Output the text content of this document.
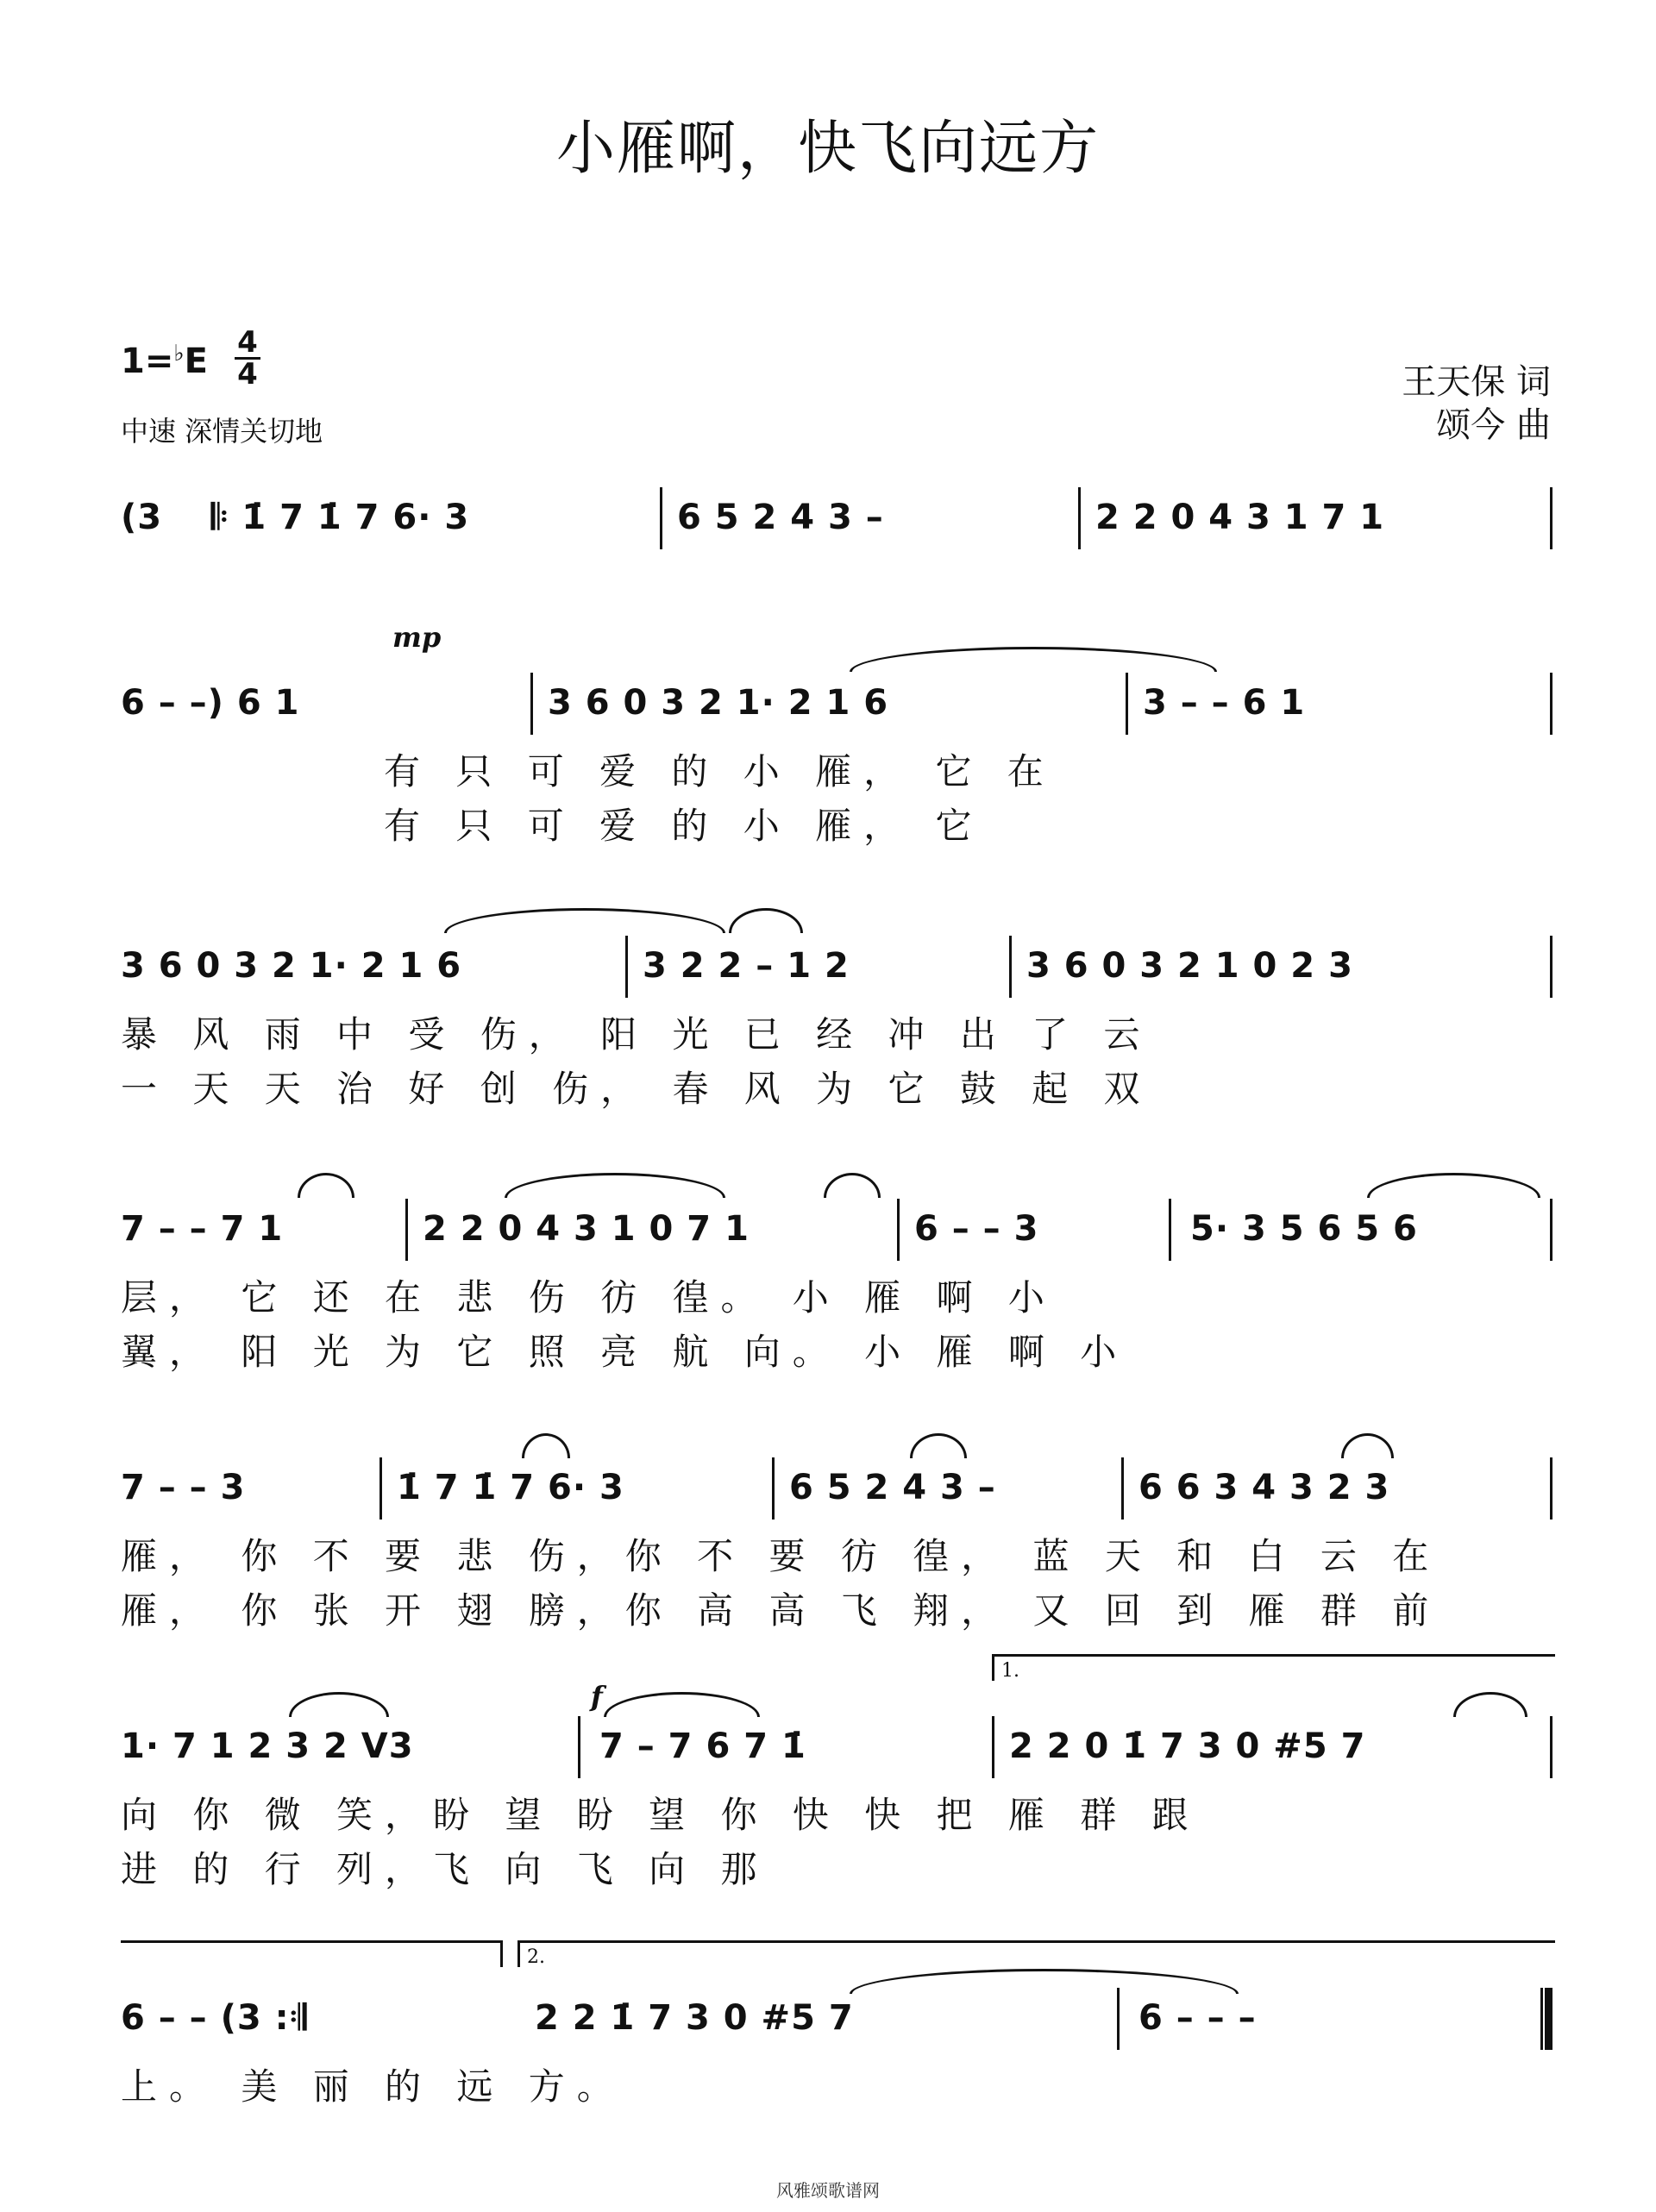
小雁啊，快飞向远方
1=♭E 4
4
中速 深情关切地
王天保 词
颂今 曲
(3 𝄆 1̇ 7 1̇ 7 6· 3	6 5 2 4 3 –	2 2 0 4 3 1 7 1
mp
6 – –) 6 1	3 6 0 3 2 1· 2 1 6	3 – – 6 1
有 只 可 爱 的 小 雁， 它 在
有 只 可 爱 的 小 雁， 它
3 6 0 3 2 1· 2 1 6	3 2 2 – 1 2	3 6 0 3 2 1 0 2 3
暴 风 雨 中 受 伤， 阳 光 已 经 冲 出 了 云
一 天 天 治 好 创 伤， 春 风 为 它 鼓 起 双
7 – – 7 1	2 2 0 4 3 1 0 7 1	6 – – 3	5· 3 5 6 5 6
层， 它 还 在 悲 伤 彷 徨。 小 雁 啊 小
翼， 阳 光 为 它 照 亮 航 向。 小 雁 啊 小
7 – – 3	1̇ 7 1̇ 7 6· 3	6 5 2 4 3 –	6 6 3 4 3 2 3
雁， 你 不 要 悲 伤，你 不 要 彷 徨， 蓝 天 和 白 云 在
雁， 你 张 开 翅 膀，你 高 高 飞 翔， 又 回 到 雁 群 前
f
1.
1· 7 1 2 3 2 V3	7 – 7 6 7 1̇	2 2 0 1̇ 7 3 0 #5 7
向 你 微 笑，盼 望 盼 望 你 快 快 把 雁 群 跟
进 的 行 列，飞 向 飞 向 那
2.
6 – – (3 :𝄇	2 2 1̇ 7 3 0 #5 7	6 – – –
上。 美 丽 的 远 方。
风雅颂歌谱网
